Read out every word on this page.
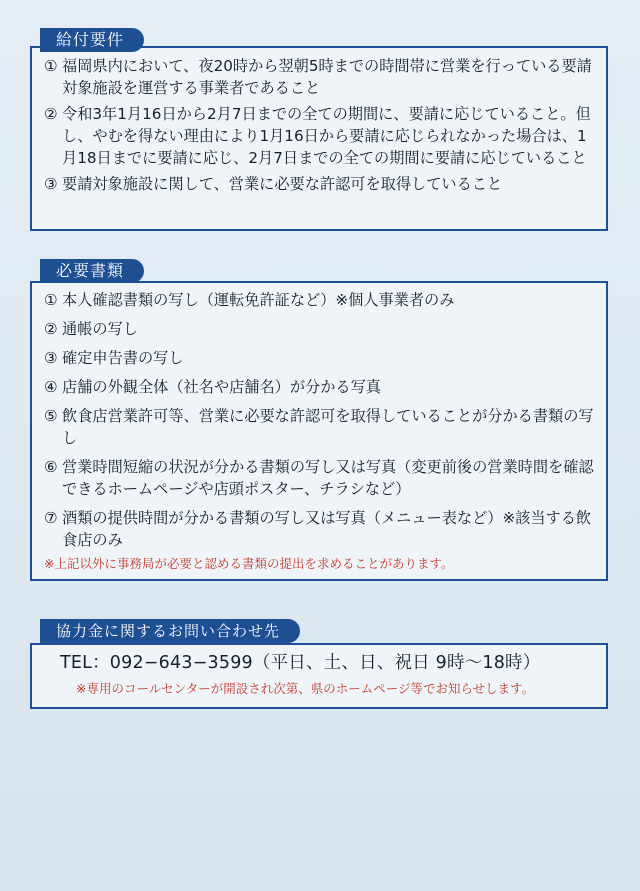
給付要件
① 福岡県内において、夜20時から翌朝5時までの時間帯に営業を行っている要請対象施設を運営する事業者であること
② 令和3年1月16日から2月7日までの全ての期間に、要請に応じていること。但し、やむを得ない理由により1月16日から要請に応じられなかった場合は、1月18日までに要請に応じ、2月7日までの全ての期間に要請に応じていること
③ 要請対象施設に関して、営業に必要な許認可を取得していること
必要書類
① 本人確認書類の写し（運転免許証など）※個人事業者のみ
② 通帳の写し
③ 確定申告書の写し
④ 店舗の外観全体（社名や店舗名）が分かる写真
⑤ 飲食店営業許可等、営業に必要な許認可を取得していることが分かる書類の写し
⑥ 営業時間短縮の状況が分かる書類の写し又は写真（変更前後の営業時間を確認できるホームページや店頭ポスター、チラシなど）
⑦ 酒類の提供時間が分かる書類の写し又は写真（メニュー表など）※該当する飲食店のみ
※上記以外に事務局が必要と認める書類の提出を求めることがあります。
協力金に関するお問い合わせ先
TEL：092−643−3599（平日、土、日、祝日 9時〜18時）
※専用のコールセンターが開設され次第、県のホームページ等でお知らせします。
